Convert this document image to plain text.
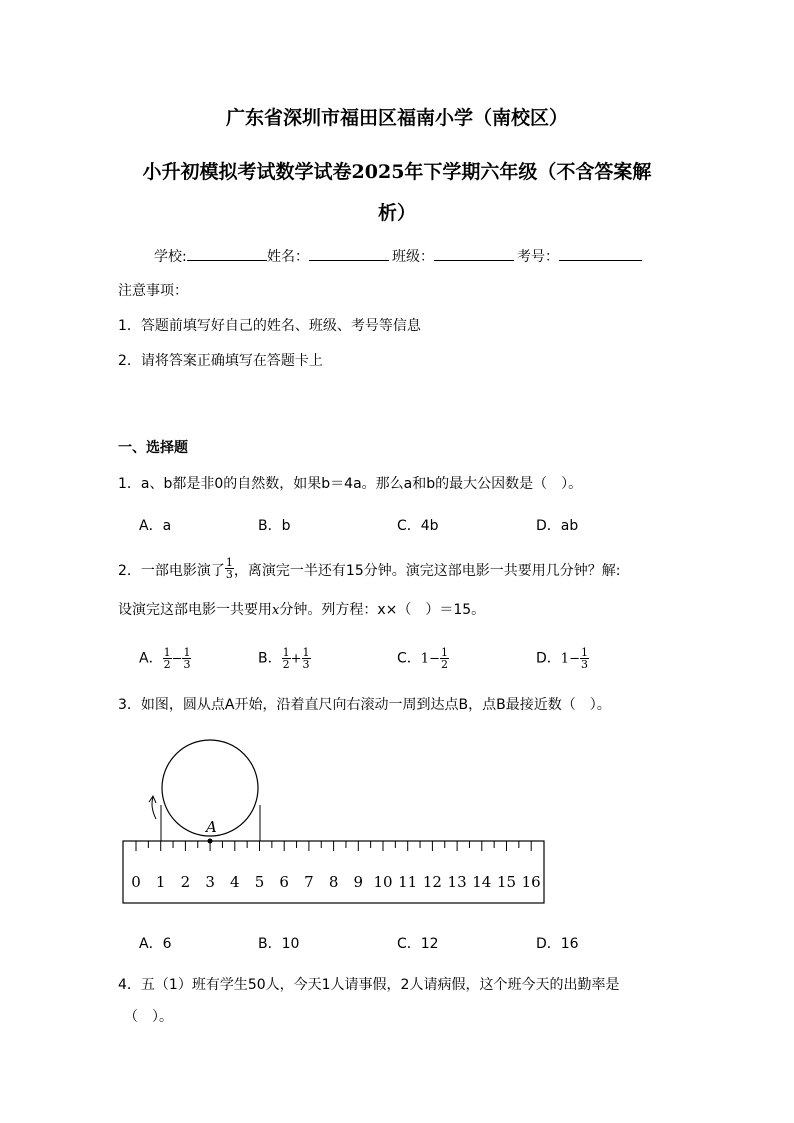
广东省深圳市福田区福南小学（南校区）
小升初模拟考试数学试卷2025年下学期六年级（不含答案解
析）
学校:	姓名：	班级：	考号：
注意事项：
1．答题前填写好自己的姓名、班级、考号等信息
2．请将答案正确填写在答题卡上
一、选择题
1．a、b都是非0的自然数，如果b＝4a。那么a和b的最大公因数是（　）。
A．a	B．b	C．4b	D．ab
2．一部电影演了 $\frac{1}{3}$ ，离演完一半还有15分钟。演完这部电影一共要用几分钟？解:
设演完这部电影一共要用x分钟。列方程：x×（　）＝15。
A． $\frac{1}{2} - \frac{1}{3}$	B． $\frac{1}{2} + \frac{1}{3}$	C．$1- \frac{1}{2}$	D．$1- \frac{1}{3}$
3．如图，圆从点A开始，沿着直尺向右滚动一周到达点B，点B最接近数（　）。
A
0 1 2 3 4 5 6 7 8 9 10 11 12 13 14 15 16
A．6	B．10	C．12	D．16
4．五（1）班有学生50人，今天1人请事假，2人请病假，这个班今天的出勤率是
（　）。
